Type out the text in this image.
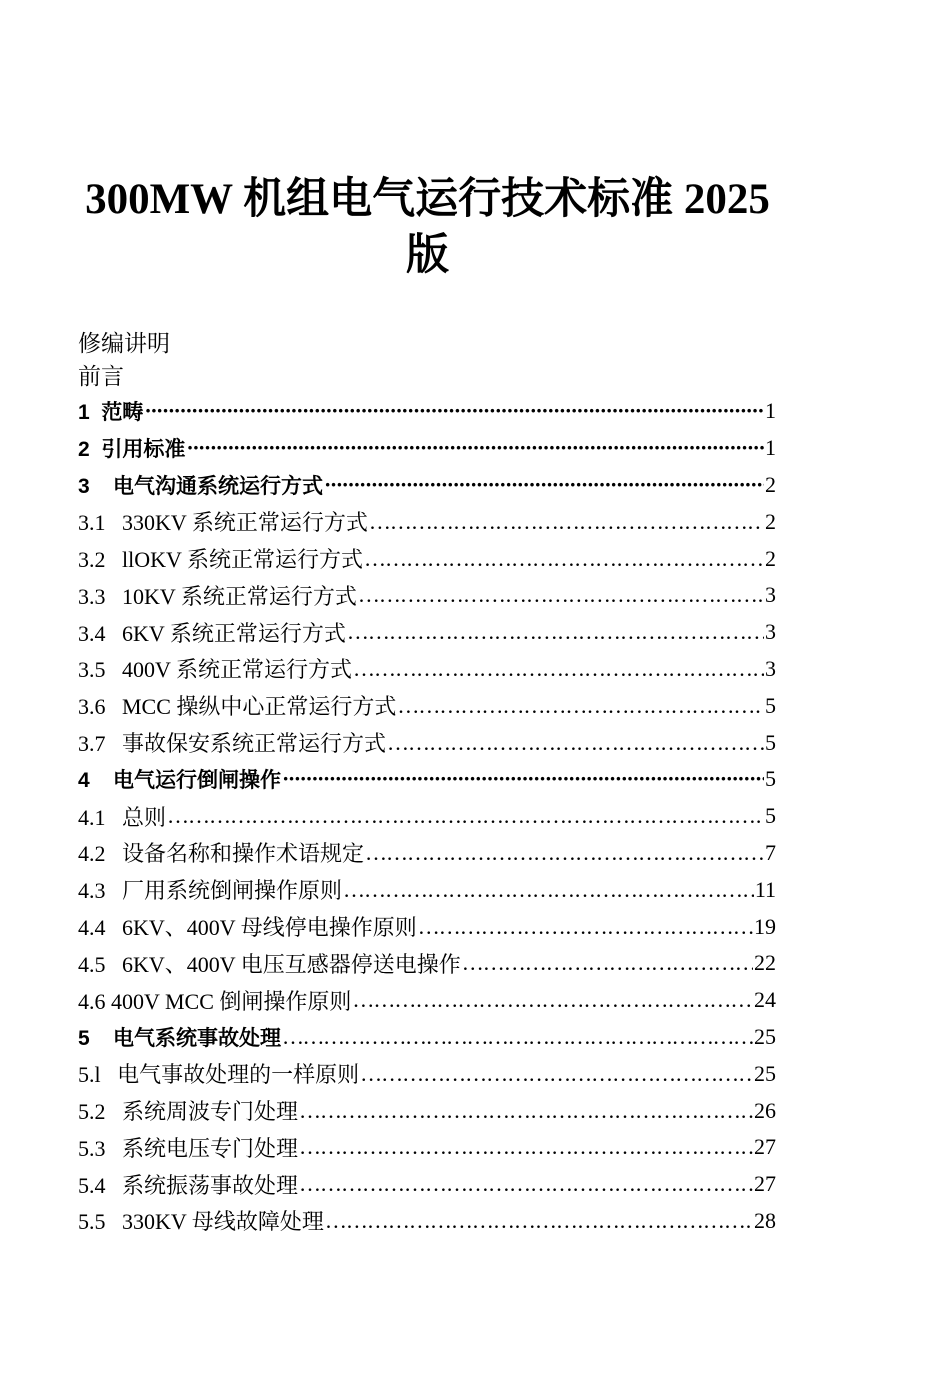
300MW 机组电气运行技术标准 2025
版
修编讲明
前言
1  范畴 ·····	1
2  引用标准 ·····	1
3    电气沟通系统运行方式 ·····	2
3.1   330KV 系统正常运行方式 …………………………………………………………………………………………………………………………………………………………………………	2
3.2   llOKV 系统正常运行方式 …………………………………………………………………………………………………………………………………………………………………………	2
3.3   10KV 系统正常运行方式 …………………………………………………………………………………………………………………………………………………………………………	3
3.4   6KV 系统正常运行方式 …………………………………………………………………………………………………………………………………………………………………………	3
3.5   400V 系统正常运行方式 …………………………………………………………………………………………………………………………………………………………………………	3
3.6   MCC 操纵中心正常运行方式 …………………………………………………………………………………………………………………………………………………………………………	5
3.7   事故保安系统正常运行方式 …………………………………………………………………………………………………………………………………………………………………………	5
4    电气运行倒闸操作 ·····	5
4.1   总则 …………………………………………………………………………………………………………………………………………………………………………	5
4.2   设备名称和操作术语规定 …………………………………………………………………………………………………………………………………………………………………………	7
4.3   厂用系统倒闸操作原则 …………………………………………………………………………………………………………………………………………………………………………	11
4.4   6KV、400V 母线停电操作原则 …………………………………………………………………………………………………………………………………………………………………………	19
4.5   6KV、400V 电压互感器停送电操作 …………………………………………………………………………………………………………………………………………………………………………	22
4.6 400V MCC 倒闸操作原则 …………………………………………………………………………………………………………………………………………………………………………	24
5    电气系统事故处理 …………………………………………………………………………………………………………………………………………………………………………	25
5.l   电气事故处理的一样原则 …………………………………………………………………………………………………………………………………………………………………………	25
5.2   系统周波专门处理 …………………………………………………………………………………………………………………………………………………………………………	26
5.3   系统电压专门处理 …………………………………………………………………………………………………………………………………………………………………………	27
5.4   系统振荡事故处理 …………………………………………………………………………………………………………………………………………………………………………	27
5.5   330KV 母线故障处理 …………………………………………………………………………………………………………………………………………………………………………	28
